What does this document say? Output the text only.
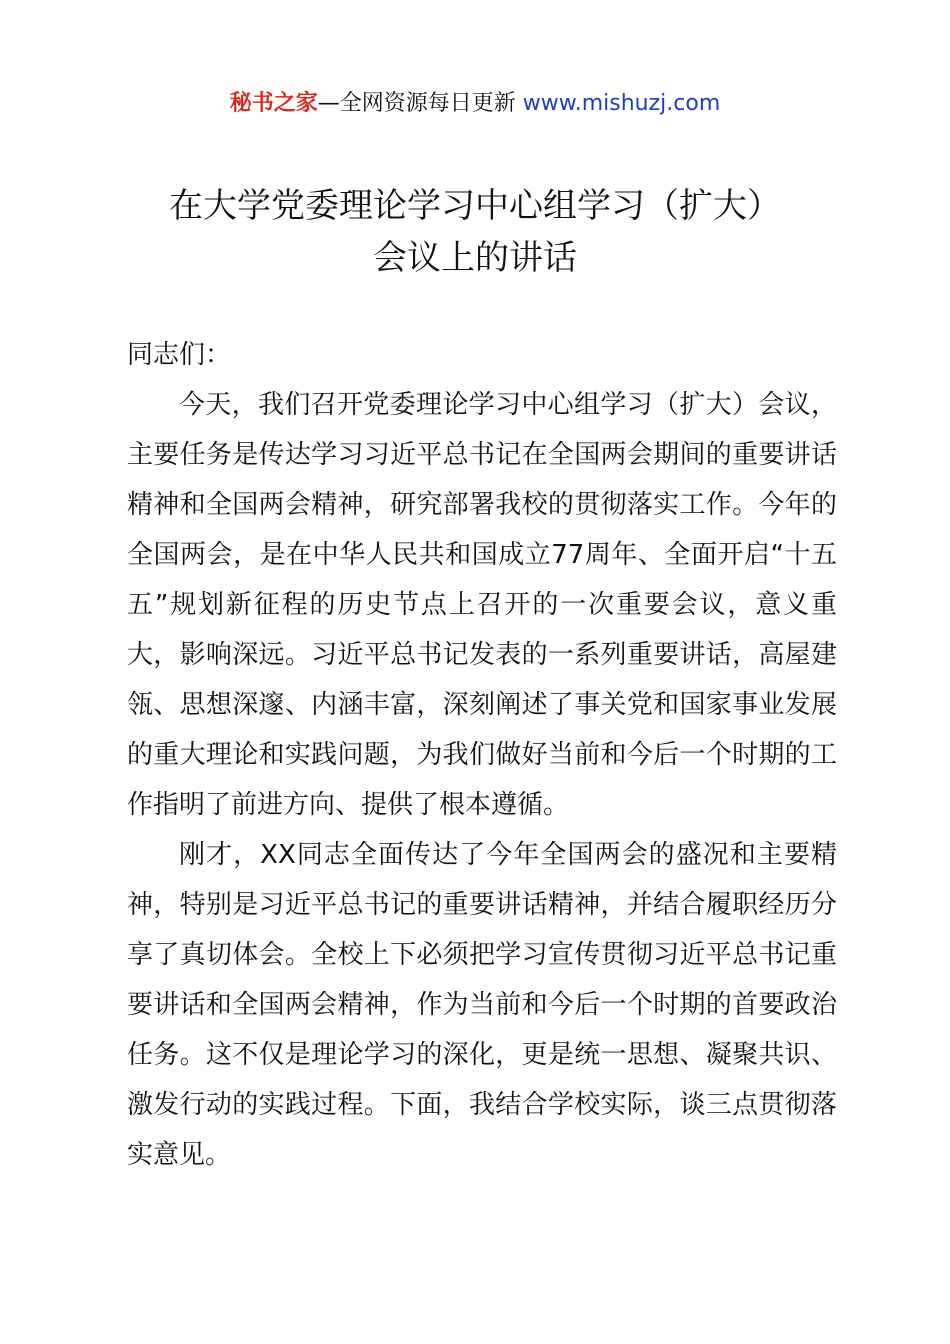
秘书之家—全网资源每日更新 www.mishuzj.com
在大学党委理论学习中心组学习（扩大）
会议上的讲话

同志们：

今天，我们召开党委理论学习中心组学习（扩大）会议，主要任务是传达学习习近平总书记在全国两会期间的重要讲话精神和全国两会精神，研究部署我校的贯彻落实工作。今年的全国两会，是在中华人民共和国成立77周年、全面开启“十五五”规划新征程的历史节点上召开的一次重要会议，意义重大，影响深远。习近平总书记发表的一系列重要讲话，高屋建瓴、思想深邃、内涵丰富，深刻阐述了事关党和国家事业发展的重大理论和实践问题，为我们做好当前和今后一个时期的工作指明了前进方向、提供了根本遵循。

刚才，XX同志全面传达了今年全国两会的盛况和主要精神，特别是习近平总书记的重要讲话精神，并结合履职经历分享了真切体会。全校上下必须把学习宣传贯彻习近平总书记重要讲话和全国两会精神，作为当前和今后一个时期的首要政治任务。这不仅是理论学习的深化，更是统一思想、凝聚共识、激发行动的实践过程。下面，我结合学校实际，谈三点贯彻落实意见。
